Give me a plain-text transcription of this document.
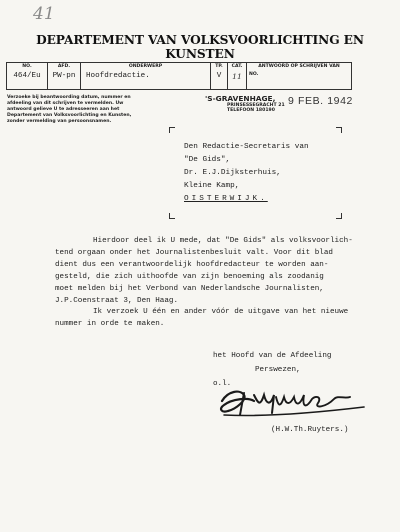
41
DEPARTEMENT VAN VOLKSVOORLICHTING EN KUNSTEN
NO.
464/Eu

AFD.
PW-pn

ONDERWERP
Hoofdredactie.

TP.
V

CAT.
11

ANTWOORD OP SCHRIJVEN VAN
NO.
Verzoeke bij beantwoording datum, nummer en afdeeling van dit schrijven te vermelden. Uw antwoord gelieve U te adresseeren aan het Departement van Volksvoorlichting en Kunsten, zonder vermelding van persoonsnamen.
'S-GRAVENHAGE,
PRINSESSEGRACHT 21
TELEFOON 180190
9 FEB. 1942
Den Redactie-Secretaris van
"De Gids",
Dr. E.J.Dijksterhuis,
Kleine Kamp,
OISTERWIJK.
Hierdoor deel ik U mede, dat "De Gids" als volksvoorlich-
tend orgaan onder het Journalistenbesluit valt. Voor dit blad
dient dus een verantwoordelijk hoofdredacteur te worden aan-
gesteld, die zich uithoofde van zijn benoeming als zoodanig
moet melden bij het Verbond van Nederlandsche Journalisten,
J.P.Coenstraat 3, Den Haag.
Ik verzoek U één en ander vóór de uitgave van het nieuwe
nummer in orde te maken.
het Hoofd van de Afdeeling
Perswezen,
o.l.
(H.W.Th.Ruyters.)
